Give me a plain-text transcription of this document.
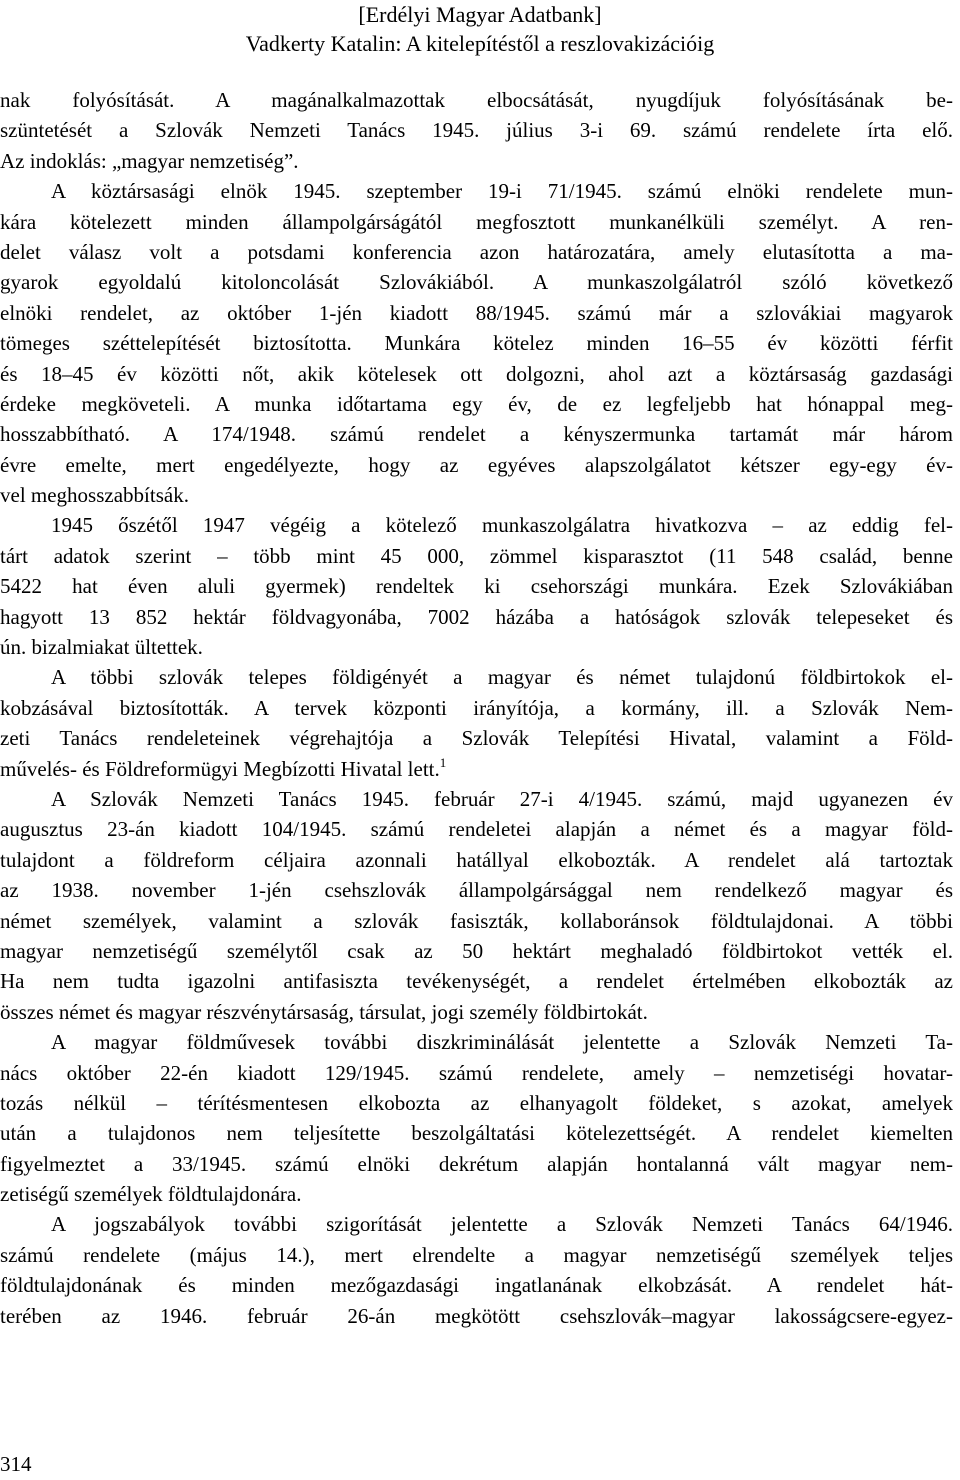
[Erdélyi Magyar Adatbank]
Vadkerty Katalin: A kitelepítéstől a reszlovakizációig
nak folyósítását. A magánalkalmazottak elbocsátását, nyugdíjuk folyósításának be-
szüntetését a Szlovák Nemzeti Tanács 1945. július 3-i 69. számú rendelete írta elő.
Az indoklás: „magyar nemzetiség”.
A köztársasági elnök 1945. szeptember 19-i 71/1945. számú elnöki rendelete mun-
kára kötelezett minden állampolgárságától megfosztott munkanélküli személyt. A ren-
delet válasz volt a potsdami konferencia azon határozatára, amely elutasította a ma-
gyarok egyoldalú kitoloncolását Szlovákiából. A munkaszolgálatról szóló következő
elnöki rendelet, az október 1-jén kiadott 88/1945. számú már a szlovákiai magyarok
tömeges széttelepítését biztosította. Munkára kötelez minden 16–55 év közötti férfit
és 18–45 év közötti nőt, akik kötelesek ott dolgozni, ahol azt a köztársaság gazdasági
érdeke megköveteli. A munka időtartama egy év, de ez legfeljebb hat hónappal meg-
hosszabbítható. A 174/1948. számú rendelet a kényszermunka tartamát már három
évre emelte, mert engedélyezte, hogy az egyéves alapszolgálatot kétszer egy-egy év-
vel meghosszabbítsák.
1945 őszétől 1947 végéig a kötelező munkaszolgálatra hivatkozva – az eddig fel-
tárt adatok szerint – több mint 45 000, zömmel kisparasztot (11 548 család, benne
5422 hat éven aluli gyermek) rendeltek ki csehországi munkára. Ezek Szlovákiában
hagyott 13 852 hektár földvagyonába, 7002 házába a hatóságok szlovák telepeseket és
ún. bizalmiakat ültettek.
A többi szlovák telepes földigényét a magyar és német tulajdonú földbirtokok el-
kobzásával biztosították. A tervek központi irányítója, a kormány, ill. a Szlovák Nem-
zeti Tanács rendeleteinek végrehajtója a Szlovák Telepítési Hivatal, valamint a Föld-
művelés- és Földreformügyi Megbízotti Hivatal lett.$^1$
A Szlovák Nemzeti Tanács 1945. február 27-i 4/1945. számú, majd ugyanezen év
augusztus 23-án kiadott 104/1945. számú rendeletei alapján a német és a magyar föld-
tulajdont a földreform céljaira azonnali hatállyal elkobozták. A rendelet alá tartoztak
az 1938. november 1-jén csehszlovák állampolgársággal nem rendelkező magyar és
német személyek, valamint a szlovák fasiszták, kollaboránsok földtulajdonai. A többi
magyar nemzetiségű személytől csak az 50 hektárt meghaladó földbirtokot vették el.
Ha nem tudta igazolni antifasiszta tevékenységét, a rendelet értelmében elkobozták az
összes német és magyar részvénytársaság, társulat, jogi személy földbirtokát.
A magyar földművesek további diszkriminálását jelentette a Szlovák Nemzeti Ta-
nács október 22-én kiadott 129/1945. számú rendelete, amely – nemzetiségi hovatar-
tozás nélkül – térítésmentesen elkobozta az elhanyagolt földeket, s azokat, amelyek
után a tulajdonos nem teljesítette beszolgáltatási kötelezettségét. A rendelet kiemelten
figyelmeztet a 33/1945. számú elnöki dekrétum alapján hontalanná vált magyar nem-
zetiségű személyek földtulajdonára.
A jogszabályok további szigorítását jelentette a Szlovák Nemzeti Tanács 64/1946.
számú rendelete (május 14.), mert elrendelte a magyar nemzetiségű személyek teljes
földtulajdonának és minden mezőgazdasági ingatlanának elkobzását. A rendelet hát-
terében az 1946. február 26-án megkötött csehszlovák–magyar lakosságcsere-egyez-
314
